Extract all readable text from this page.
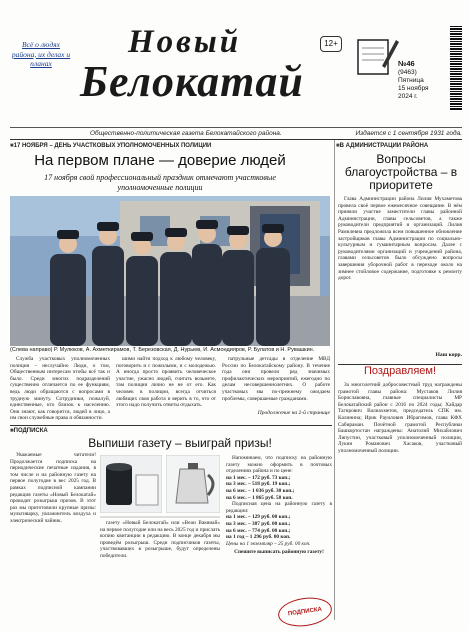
Всё о людях района, их делах и планах
Новый
Белокатай
12+
№46
(9463)
Пятница
15 ноября
2024 г.
Общественно-политическая газета Белокатайского района.	Издается с 1 сентября 1931 года.
■ 17 НОЯБРЯ – ДЕНЬ УЧАСТКОВЫХ УПОЛНОМОЧЕННЫХ ПОЛИЦИИ
■	В АДМИНИСТРАЦИИ РАЙОНА
На первом плане — доверие людей
17 ноября свой профессиональный праздник отмечают участковые уполномоченные полиции
(Слева направо) Р. Мулюков, А. Ахметкирамов, Т. Березовская, Д. Нурыев, И. Асмондияров, Р. Булатов и Н. Рувашкин.

Служба участковых уполномоченных полиции – неслучайно Люди, о том, Общественным интересам чтобы всё так и было. Среди многих подразделений существенно отличается по ее функциям, ведь люди обращаются с вопросами в трудную минуту. Сотрудники, пожалуй, единственные, кто близок к населению. Они знают, как говорится, людей в лицо, а им свои служебные права и обязанности.

шими найти подход к любому человеку, поговорить и с пожилыми, и с молодежью. А иногда просто проявить человеческое участие, ужасно людей, считать возьмете, там полиции лично не не от его. Как человек в полиции, всегда отчиться любящих своя работа и верить в то, что от этого надо получить ответы отдыхать.

патрульные детсады в отделение МВД России по Белокатайскому району. В течение года они провели ряд значимых профилактических мероприятий, ежегодно по делам несовершеннолетних. О работе участковых мы по-прежнему ожидаем проблемы, совершаемые гражданами.

Продолжение на 2-й странице
Вопросы благоустройства – в приоритете

Глава Администрации района Лилия Мухаметова провела своё первое ежемесячное совещание. В нём приняли участие заместители главы районной Администрации, главы сельсоветов, а также руководители предприятий и организаций. Лилия Рамилевна предложила всем повышенное обновление застройщиков главы Администрации по социально-культурным и гуманитарным вопросам. Далее с руководителями организаций и учреждений района, главами сельсоветов было обсуждено вопросы завершения уборочной работ в переходе около на зимнее стойловое содержание, подготовке к ремонту дорог.

Наш корр.
Поздравляем!

За многолетний добросовестный труд награждены грамотой главы района: Мустаков Лилия Бориславовна, главные специалисты МР Белокатайский район с 2016 по 2024 годы; Хайдар Тагирович Валиахметов, председатель СПК им. Калинина; Ирик Рауилович Ибрагимов, глава КФХ Сабираман. Почётной грамотой Республики Башкортостан награждены: Анатолий Михайлович Ляпустин, участковый уполномоченный полиции, Лукин Романович Хасаков, участковый уполномоченный полиции.

■ ПОДПИСКА
Выпиши газету – выиграй призы!

Уважаемые читатели! Продолжается подписка на периодические печатные издания, в том числе и на районную газету на первое полугодие в вес 2025 год. В рамках подписной кампании редакция газеты «Новый Белокатай» проводит розыгрыш призов. В этот раз мы приготовили крупные призы: мультиварку, увлажнитель воздуха и электрический чайник.	газету «Новый Белокатай» или «Веаи Ваквиай» на первое полугодие или на весь 2025 год и прислать копию квитанции в редакцию. В конце декабря мы проведём розыгрыш. Среди подписчиков газеты, участвовавших в розыгрыше, будут определены победители.

Напоминаем, что подписку на районную газету можно оформить в почтовых отделениях района и по цене:

на 1 мес. – 172 руб. 73 коп.;
на 3 мес. – 518 руб. 19 коп.;
на 6 мес. – 1 036 руб. 30 коп.;
на 6 мес. – 1 865 руб. 58 коп.

Подписная цена на районную газету в редакции:

на 1 мес. – 129 руб. 00 коп.;
на 3 мес. – 387 руб. 00 коп.;
на 6 мес. – 774 руб. 00 коп.;
на 1 год – 1 296 руб. 00 коп.
Цены на 1 экземпляр – 25 руб. 00 коп.
Спешите выписать районную газету!
ПОДПИСКА
